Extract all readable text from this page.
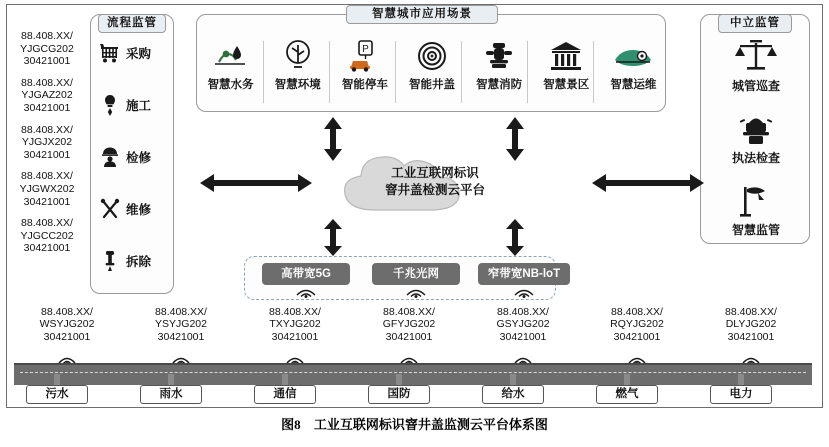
88.408.XX/
YJGCG202
30421001
88.408.XX/
YJGAZ202
30421001
88.408.XX/
YJGJX202
30421001
88.408.XX/
YJGWX202
30421001
88.408.XX/
YJGCC202
30421001
采购
施工
检修
维修
拆除
流程监管
智慧水务	智慧环境
P
智能停车	智能井盖	智慧消防	智慧景区	智慧运维
智慧城市应用场景
城管巡查
执法检查
智慧监管
中立监管
工业互联网标识
窨井盖检测云平台
高带宽5G	千兆光网	窄带宽NB-loT
88.408.XX/
WSYJG202
30421001
88.408.XX/
YSYJG202
30421001
88.408.XX/
TXYJG202
30421001
88.408.XX/
GFYJG202
30421001
88.408.XX/
GSYJG202
30421001
88.408.XX/
RQYJG202
30421001
88.408.XX/
DLYJG202
30421001
污水	雨水	通信	国防	给水	燃气	电力
图8 工业互联网标识窨井盖监测云平台体系图
